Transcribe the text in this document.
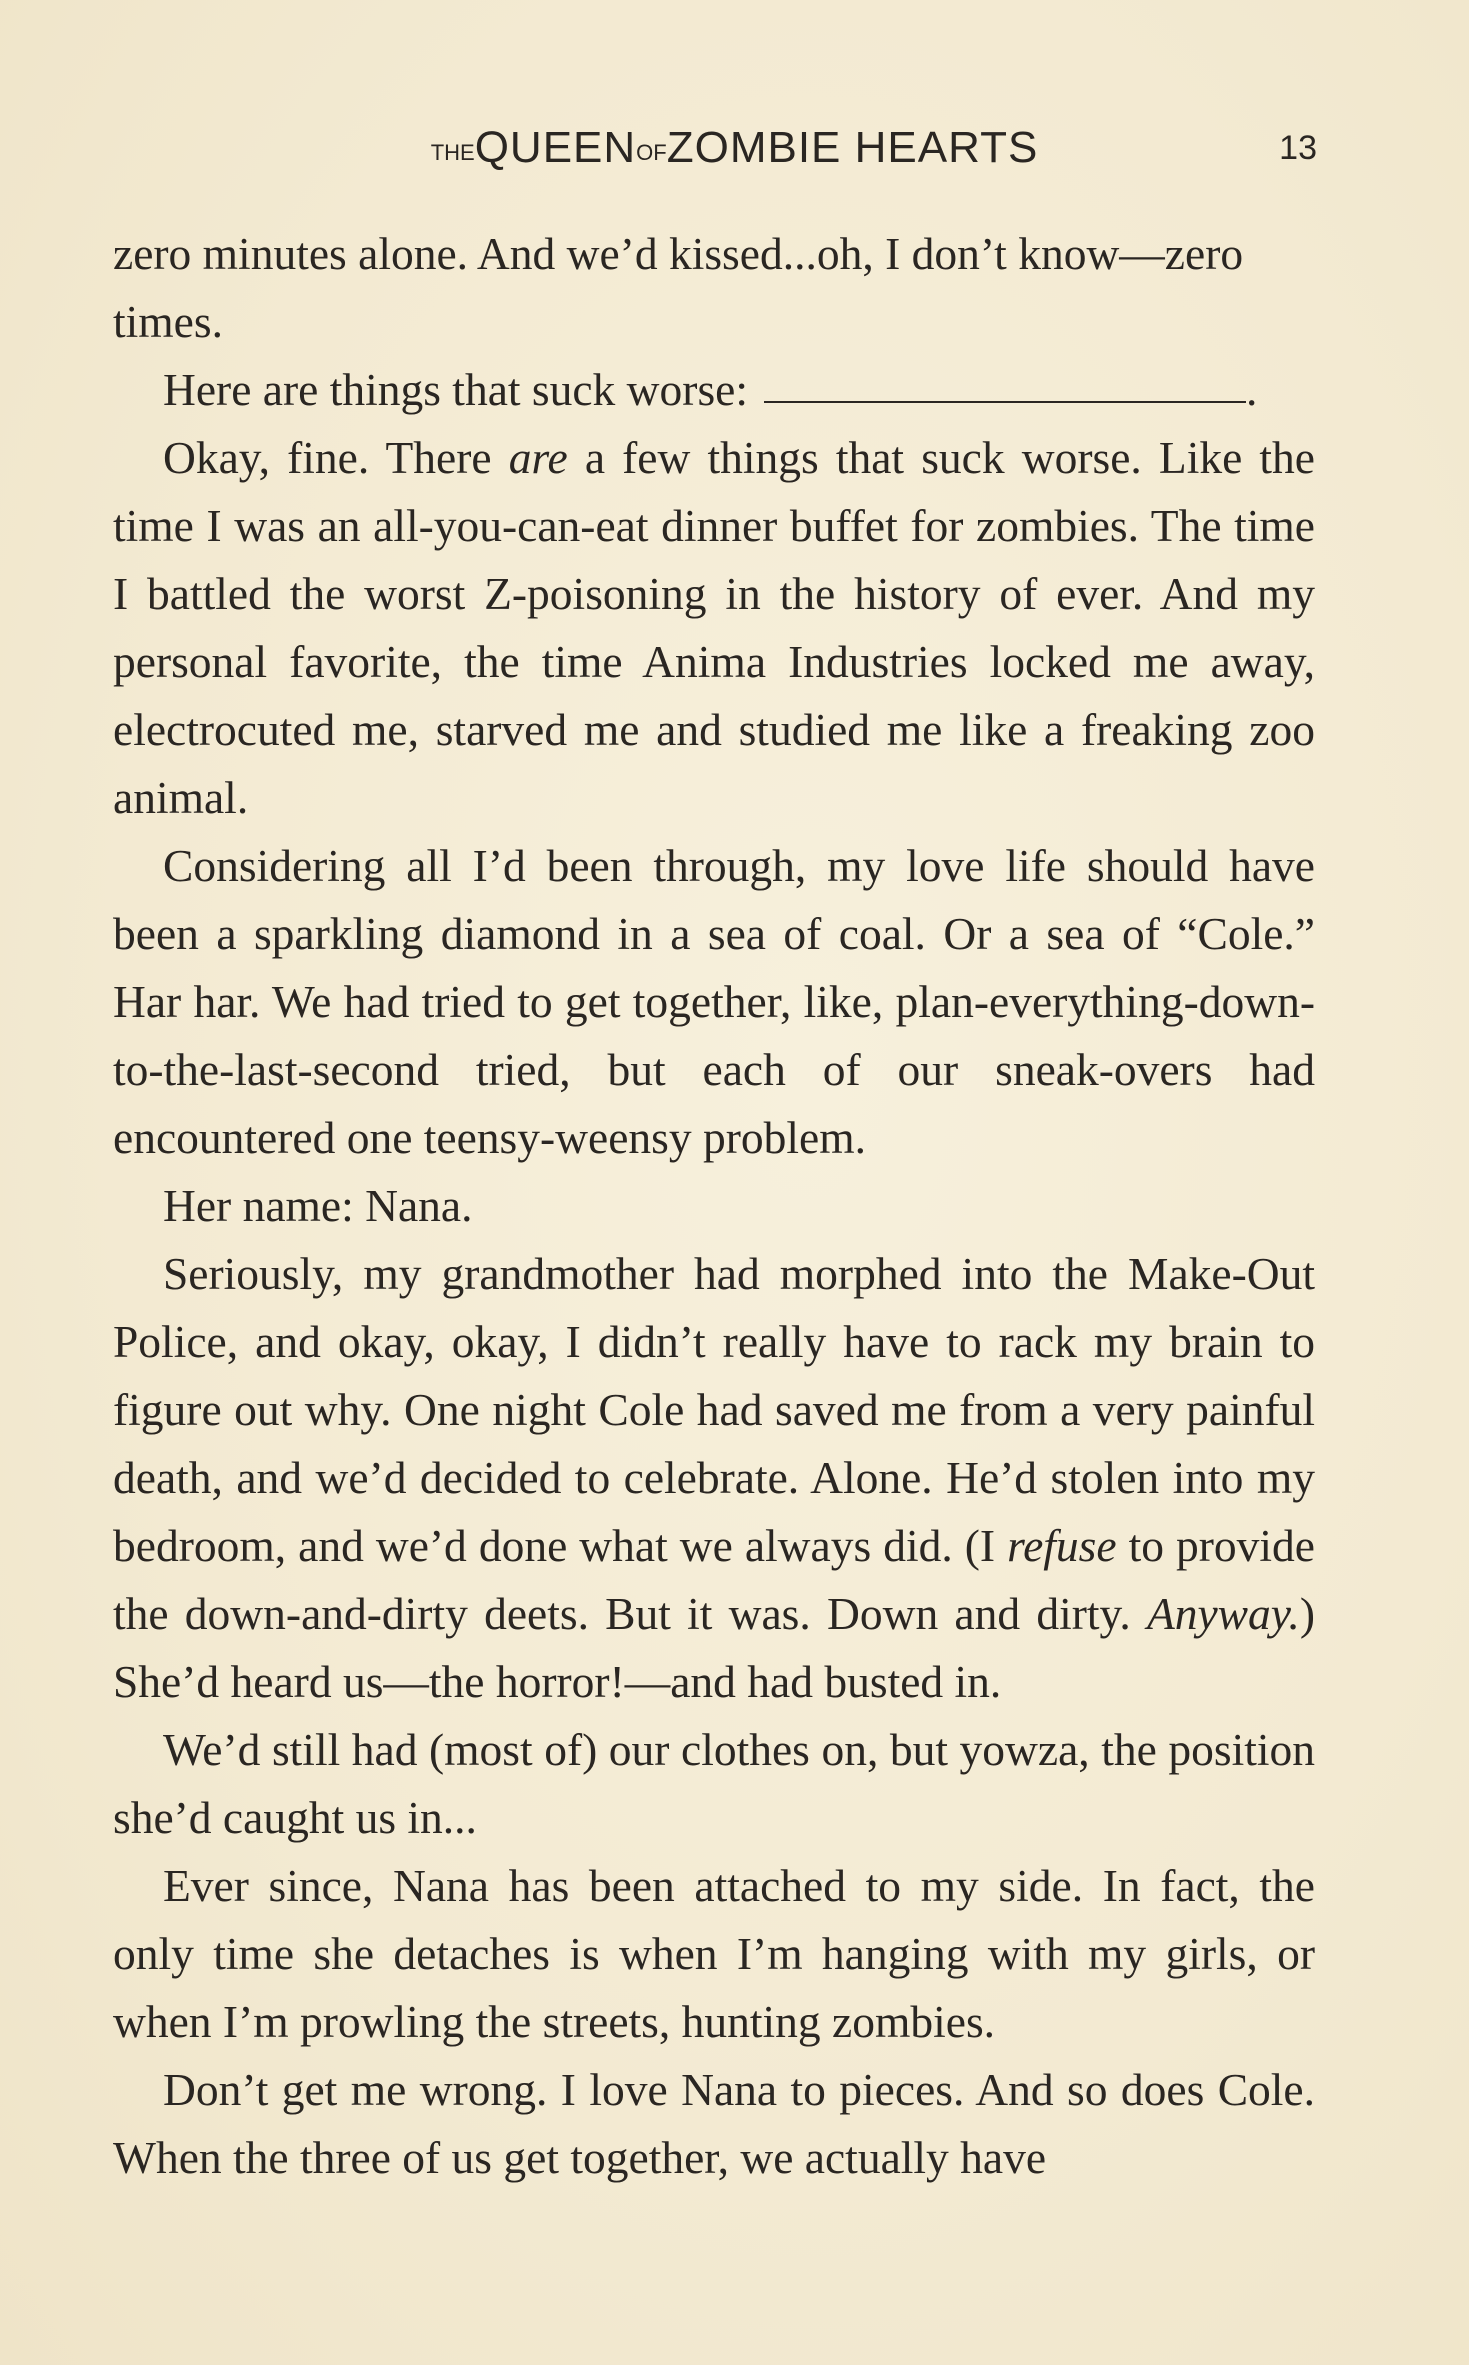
THEQUEENOFZOMBIE HEARTS	13

zero minutes alone. And we’d kissed...oh, I don’t know—zero times.

Here are things that suck worse:	.

Okay, fine. There are a few things that suck worse. Like the time I was an all-you-can-eat dinner buffet for zombies. The time I battled the worst Z-poisoning in the history of ever. And my personal favorite, the time Anima Industries locked me away, electrocuted me, starved me and studied me like a freaking zoo animal.

Considering all I’d been through, my love life should have been a sparkling diamond in a sea of coal. Or a sea of “Cole.” Har har. We had tried to get together, like, plan-everything-down-to-the-last-second tried, but each of our sneak-overs had encountered one teensy-weensy problem.

Her name: Nana.

Seriously, my grandmother had morphed into the Make-Out Police, and okay, okay, I didn’t really have to rack my brain to figure out why. One night Cole had saved me from a very painful death, and we’d decided to celebrate. Alone. He’d stolen into my bedroom, and we’d done what we always did. (I refuse to provide the down-and-dirty deets. But it was. Down and dirty. Anyway.) She’d heard us—the horror!—and had busted in.

We’d still had (most of) our clothes on, but yowza, the position she’d caught us in...

Ever since, Nana has been attached to my side. In fact, the only time she detaches is when I’m hanging with my girls, or when I’m prowling the streets, hunting zombies.

Don’t get me wrong. I love Nana to pieces. And so does Cole. When the three of us get together, we actually have
